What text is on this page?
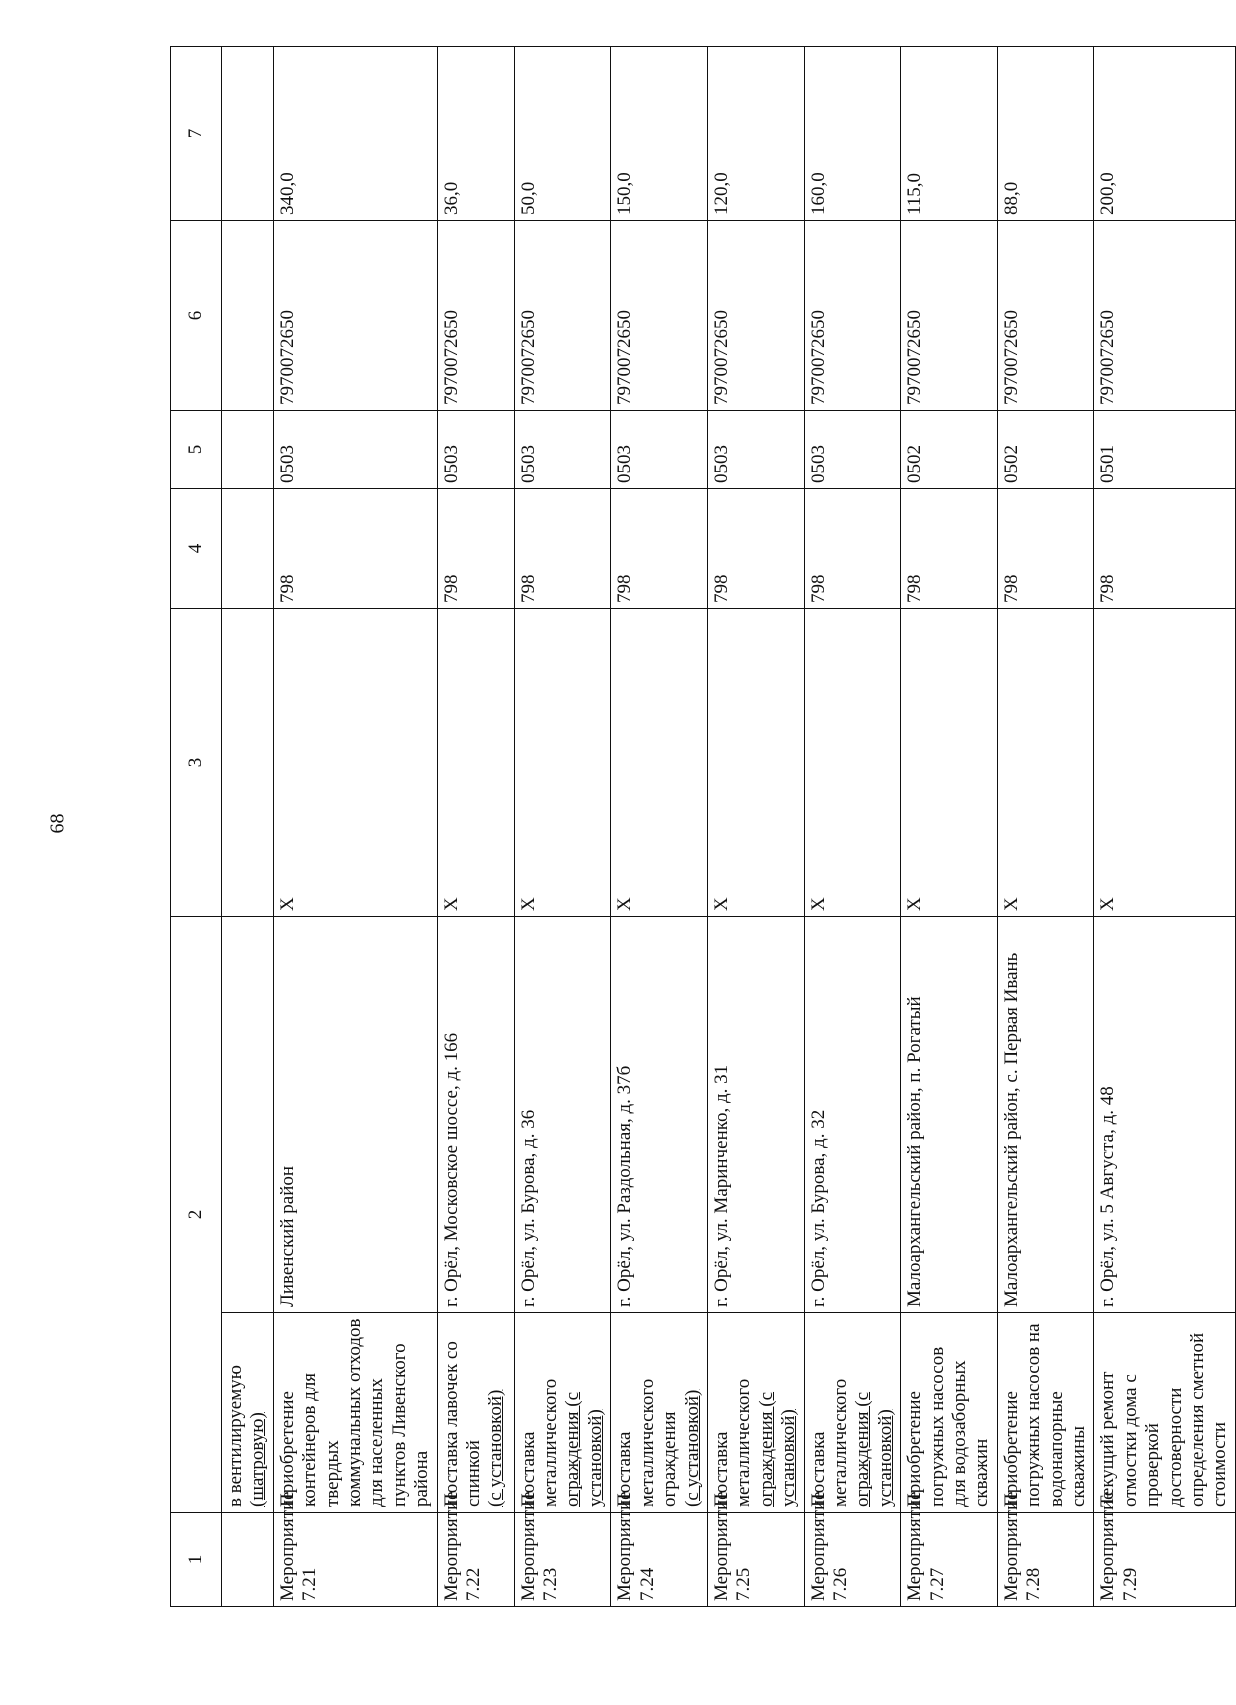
68
1	2		3	4	5	6	7
	в вентилируемую
(шатровую)						
Мероприятие 7.21	Приобретение контейнеров для твердых коммунальных отходов для населенных пунктов Ливенского района	Ливенский район	Х	798	0503	7970072650	340,0
Мероприятие 7.22	Поставка лавочек со спинкой
(с установкой)	г. Орёл, Московское шоссе, д. 166	Х	798	0503	7970072650	36,0
Мероприятие 7.23	Поставка металлического
ограждения (с установкой)	г. Орёл, ул. Бурова, д. 36	Х	798	0503	7970072650	50,0
Мероприятие 7.24	Поставка металлического ограждения
(с установкой)	г. Орёл, ул. Раздольная, д. 37б	Х	798	0503	7970072650	150,0
Мероприятие 7.25	Поставка металлического
ограждения (с установкой)	г. Орёл, ул. Маринченко, д. 31	Х	798	0503	7970072650	120,0
Мероприятие 7.26	Поставка металлического
ограждения (с установкой)	г. Орёл, ул. Бурова, д. 32	Х	798	0503	7970072650	160,0
Мероприятие 7.27	Приобретение погружных насосов для водозаборных скважин	Малоархангельский район, п. Рогатый	Х	798	0502	7970072650	115,0
Мероприятие 7.28	Приобретение погружных насосов на водонапорные скважины	Малоархангельский район, с. Первая Ивань	Х	798	0502	7970072650	88,0
Мероприятие 7.29	Текущий ремонт отмостки дома с проверкой достоверности определения сметной стоимости	г. Орёл, ул. 5 Августа, д. 48	Х	798	0501	7970072650	200,0
